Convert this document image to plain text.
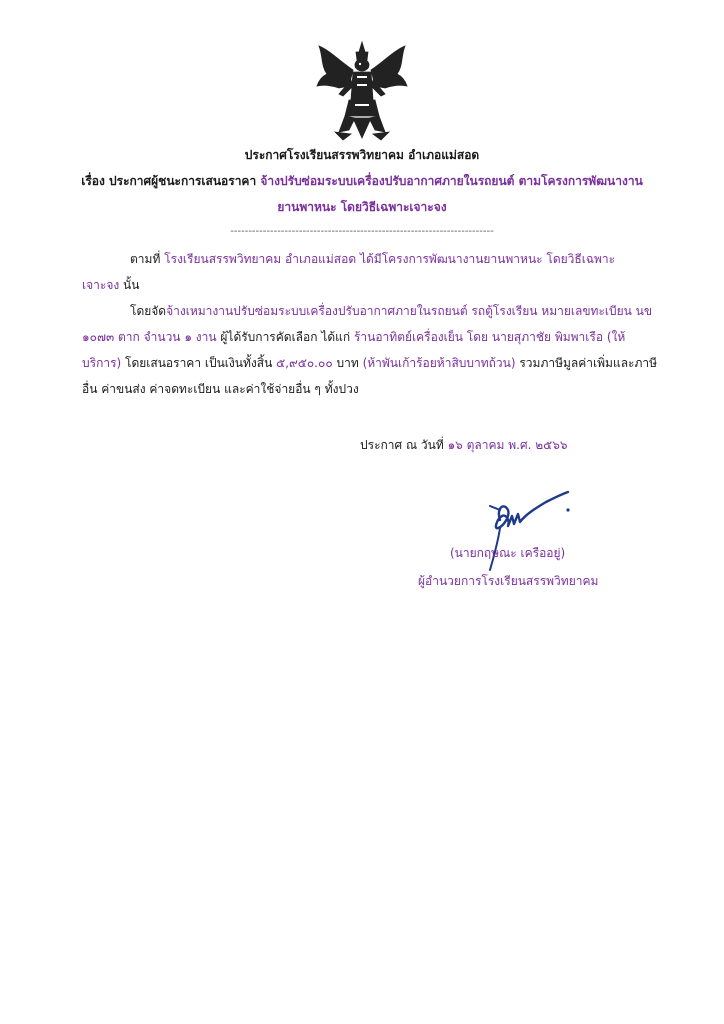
ประกาศโรงเรียนสรรพวิทยาคม อำเภอแม่สอด
เรื่อง ประกาศผู้ชนะการเสนอราคา จ้างปรับซ่อมระบบเครื่องปรับอากาศภายในรถยนต์ ตามโครงการพัฒนางาน
ยานพาหนะ โดยวิธีเฉพาะเจาะจง
-------------------------------------------------------------------------
ตามที่ โรงเรียนสรรพวิทยาคม อำเภอแม่สอด ได้มีโครงการพัฒนางานยานพาหนะ โดยวิธีเฉพาะ
เจาะจง นั้น
โดยจัดจ้างเหมางานปรับซ่อมระบบเครื่องปรับอากาศภายในรถยนต์ รถตู้โรงเรียน หมายเลขทะเบียน นข
๑๐๗๓ ตาก จำนวน ๑ งาน ผู้ได้รับการคัดเลือก ได้แก่ ร้านอาทิตย์เครื่องเย็น โดย นายสุภาชัย พิมพาเรือ (ให้
บริการ) โดยเสนอราคา เป็นเงินทั้งสิ้น ๕,๙๕๐.๐๐ บาท (ห้าพันเก้าร้อยห้าสิบบาทถ้วน) รวมภาษีมูลค่าเพิ่มและภาษี
อื่น ค่าขนส่ง ค่าจดทะเบียน และค่าใช้จ่ายอื่น ๆ ทั้งปวง
ประกาศ ณ วันที่ ๑๖ ตุลาคม พ.ศ. ๒๕๖๖
(นายกฤษณะ เครืออยู่)
ผู้อำนวยการโรงเรียนสรรพวิทยาคม
